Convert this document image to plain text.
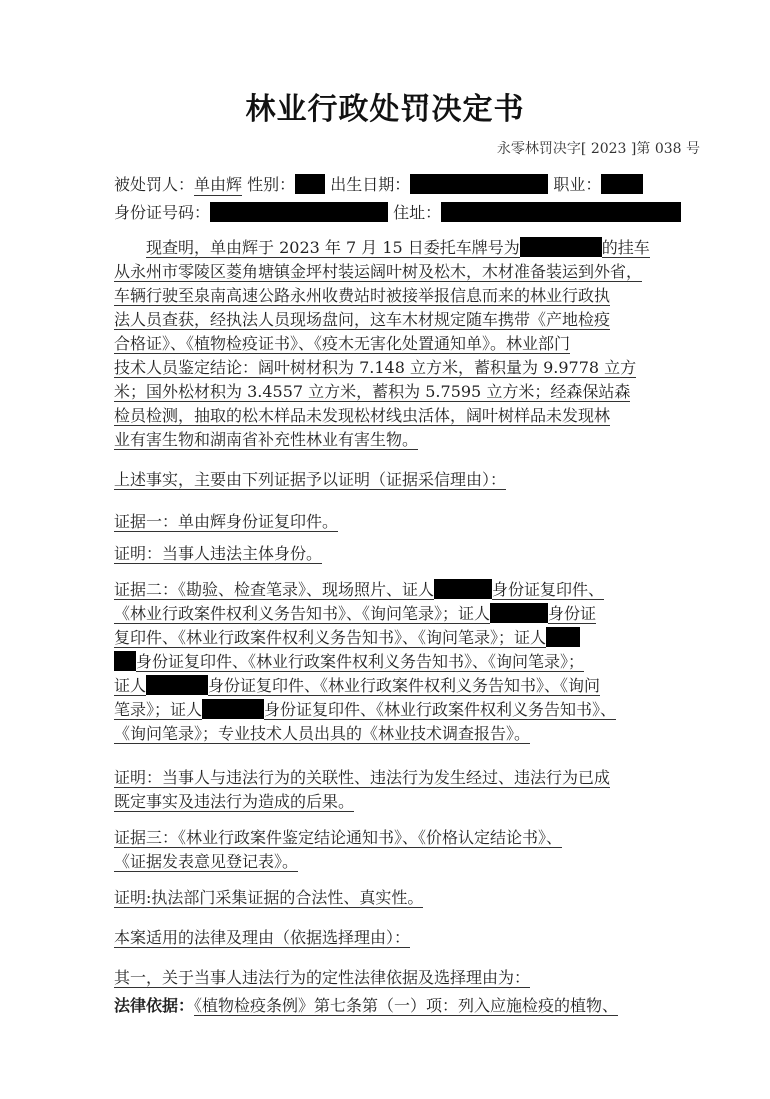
林业行政处罚决定书
永零林罚决字[ 2023 ]第 038 号
被处罚人：单由辉 性别： 出生日期：	职业：
身份证号码：	住址：
现查明，单由辉于 2023 年 7 月 15 日委托车牌号为	的挂车
从永州市零陵区菱角塘镇金坪村装运阔叶树及松木，木材准备装运到外省，
车辆行驶至泉南高速公路永州收费站时被接举报信息而来的林业行政执
法人员查获，经执法人员现场盘问，这车木材规定随车携带《产地检疫
合格证》、《植物检疫证书》、《疫木无害化处置通知单》。林业部门
技术人员鉴定结论：阔叶树材积为 7.148 立方米，蓄积量为 9.9778 立方
米；国外松材积为 3.4557 立方米，蓄积为 5.7595 立方米；经森保站森
检员检测，抽取的松木样品未发现松材线虫活体，阔叶树样品未发现林
业有害生物和湖南省补充性林业有害生物。
上述事实，主要由下列证据予以证明（证据采信理由）：
证据一：单由辉身份证复印件。
证明：当事人违法主体身份。
证据二：《勘验、检查笔录》、现场照片、证人	身份证复印件、
《林业行政案件权利义务告知书》、《询问笔录》；证人	身份证
复印件、《林业行政案件权利义务告知书》、《询问笔录》；证人
身份证复印件、《林业行政案件权利义务告知书》、《询问笔录》；
证人	身份证复印件、《林业行政案件权利义务告知书》、《询问
笔录》；证人	身份证复印件、《林业行政案件权利义务告知书》、
《询问笔录》；专业技术人员出具的《林业技术调查报告》。
证明：当事人与违法行为的关联性、违法行为发生经过、违法行为已成
既定事实及违法行为造成的后果。
证据三：《林业行政案件鉴定结论通知书》、《价格认定结论书》、
《证据发表意见登记表》。
证明:执法部门采集证据的合法性、真实性。
本案适用的法律及理由（依据选择理由）：
其一，关于当事人违法行为的定性法律依据及选择理由为：
法律依据：《植物检疫条例》第七条第（一）项：列入应施检疫的植物、
